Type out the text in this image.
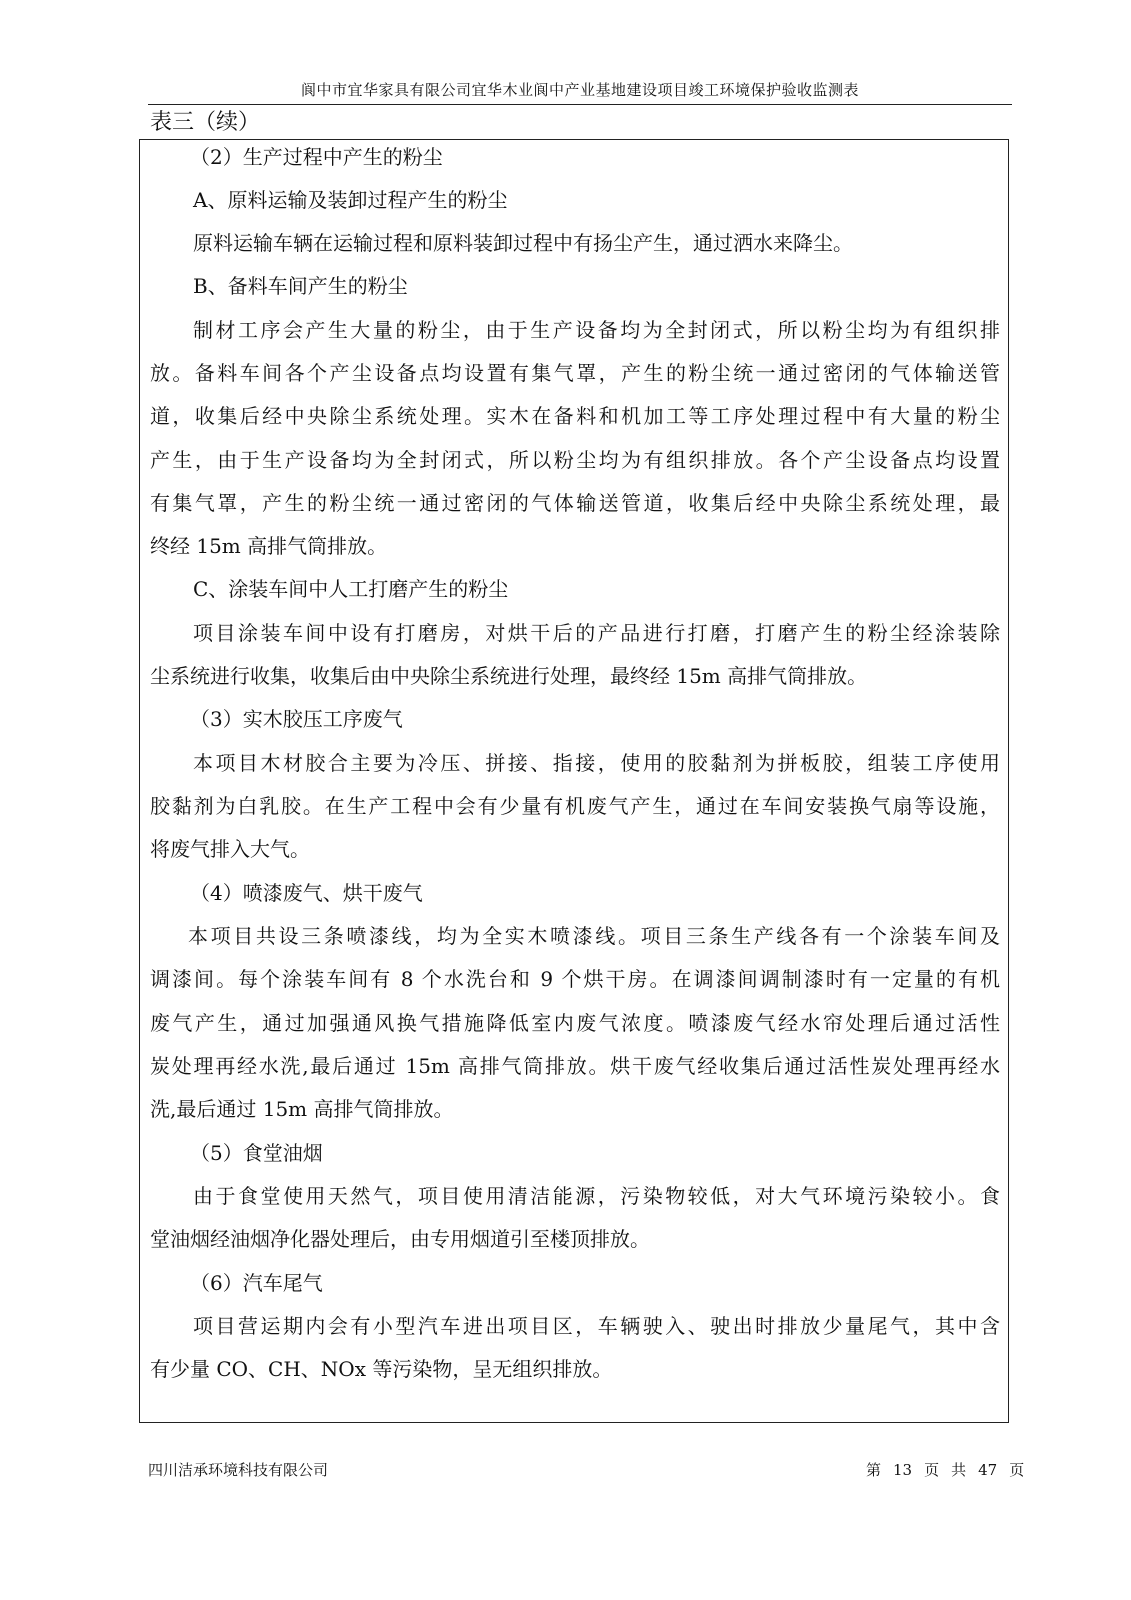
阆中市宜华家具有限公司宜华木业阆中产业基地建设项目竣工环境保护验收监测表
表三（续）
（2）生产过程中产生的粉尘
A、原料运输及装卸过程产生的粉尘
原料运输车辆在运输过程和原料装卸过程中有扬尘产生，通过洒水来降尘。
B、备料车间产生的粉尘
制材工序会产生大量的粉尘，由于生产设备均为全封闭式，所以粉尘均为有组织排
放。备料车间各个产尘设备点均设置有集气罩，产生的粉尘统一通过密闭的气体输送管
道，收集后经中央除尘系统处理。实木在备料和机加工等工序处理过程中有大量的粉尘
产生，由于生产设备均为全封闭式，所以粉尘均为有组织排放。各个产尘设备点均设置
有集气罩，产生的粉尘统一通过密闭的气体输送管道，收集后经中央除尘系统处理，最
终经 15m 高排气筒排放。
C、涂装车间中人工打磨产生的粉尘
项目涂装车间中设有打磨房，对烘干后的产品进行打磨，打磨产生的粉尘经涂装除
尘系统进行收集，收集后由中央除尘系统进行处理，最终经 15m 高排气筒排放。
（3）实木胶压工序废气
本项目木材胶合主要为冷压、拼接、指接，使用的胶黏剂为拼板胶，组装工序使用
胶黏剂为白乳胶。在生产工程中会有少量有机废气产生，通过在车间安装换气扇等设施，
将废气排入大气。
（4）喷漆废气、烘干废气
本项目共设三条喷漆线，均为全实木喷漆线。项目三条生产线各有一个涂装车间及
调漆间。每个涂装车间有 8 个水洗台和 9 个烘干房。在调漆间调制漆时有一定量的有机
废气产生，通过加强通风换气措施降低室内废气浓度。喷漆废气经水帘处理后通过活性
炭处理再经水洗,最后通过 15m 高排气筒排放。烘干废气经收集后通过活性炭处理再经水
洗,最后通过 15m 高排气筒排放。
（5）食堂油烟
由于食堂使用天然气，项目使用清洁能源，污染物较低，对大气环境污染较小。食
堂油烟经油烟净化器处理后，由专用烟道引至楼顶排放。
（6）汽车尾气
项目营运期内会有小型汽车进出项目区，车辆驶入、驶出时排放少量尾气，其中含
有少量 CO、CH、NOx 等污染物，呈无组织排放。
四川洁承环境科技有限公司	第 13 页 共 47 页
